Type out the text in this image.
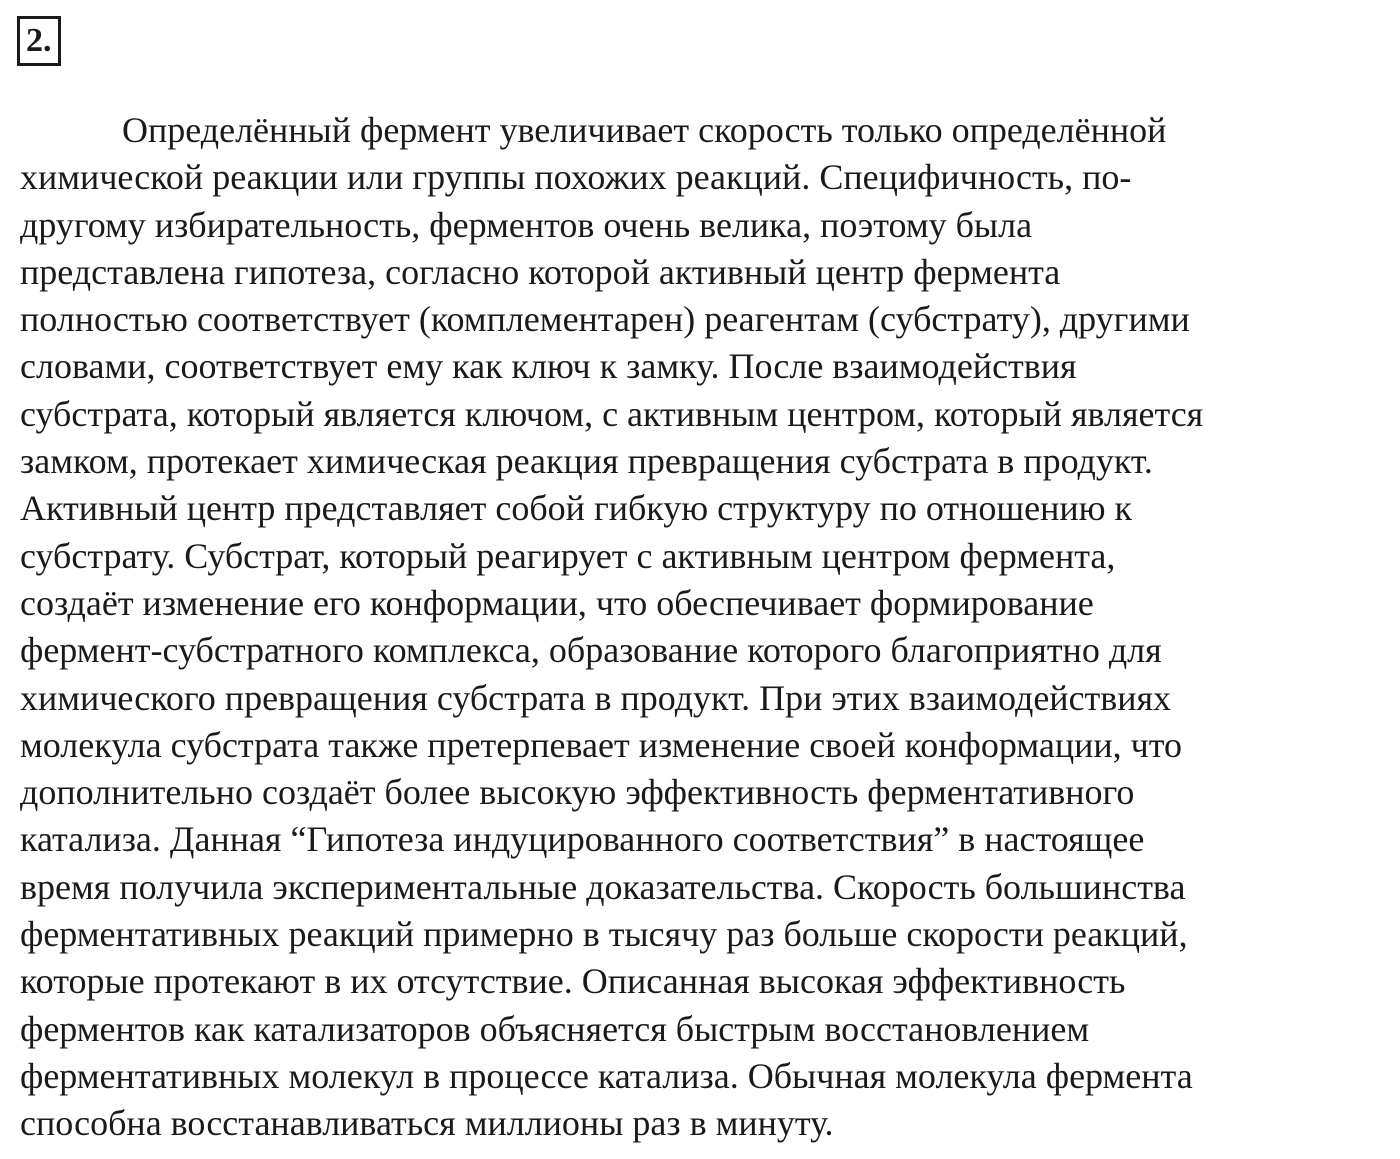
2.
Определённый фермент увеличивает скорость только определённой
химической реакции или группы похожих реакций. Специфичность, по-
другому избирательность, ферментов очень велика, поэтому была
представлена гипотеза, согласно которой активный центр фермента
полностью соответствует (комплементарен) реагентам (субстрату), другими
словами, соответствует ему как ключ к замку. После взаимодействия
субстрата, который является ключом, с активным центром, который является
замком, протекает химическая реакция превращения субстрата в продукт.
Активный центр представляет собой гибкую структуру по отношению к
субстрату. Субстрат, который реагирует с активным центром фермента,
создаёт изменение его конформации, что обеспечивает формирование
фермент-субстратного комплекса, образование которого благоприятно для
химического превращения субстрата в продукт. При этих взаимодействиях
молекула субстрата также претерпевает изменение своей конформации, что
дополнительно создаёт более высокую эффективность ферментативного
катализа. Данная “Гипотеза индуцированного соответствия” в настоящее
время получила экспериментальные доказательства. Скорость большинства
ферментативных реакций примерно в тысячу раз больше скорости реакций,
которые протекают в их отсутствие. Описанная высокая эффективность
ферментов как катализаторов объясняется быстрым восстановлением
ферментативных молекул в процессе катализа. Обычная молекула фермента
способна восстанавливаться миллионы раз в минуту.
